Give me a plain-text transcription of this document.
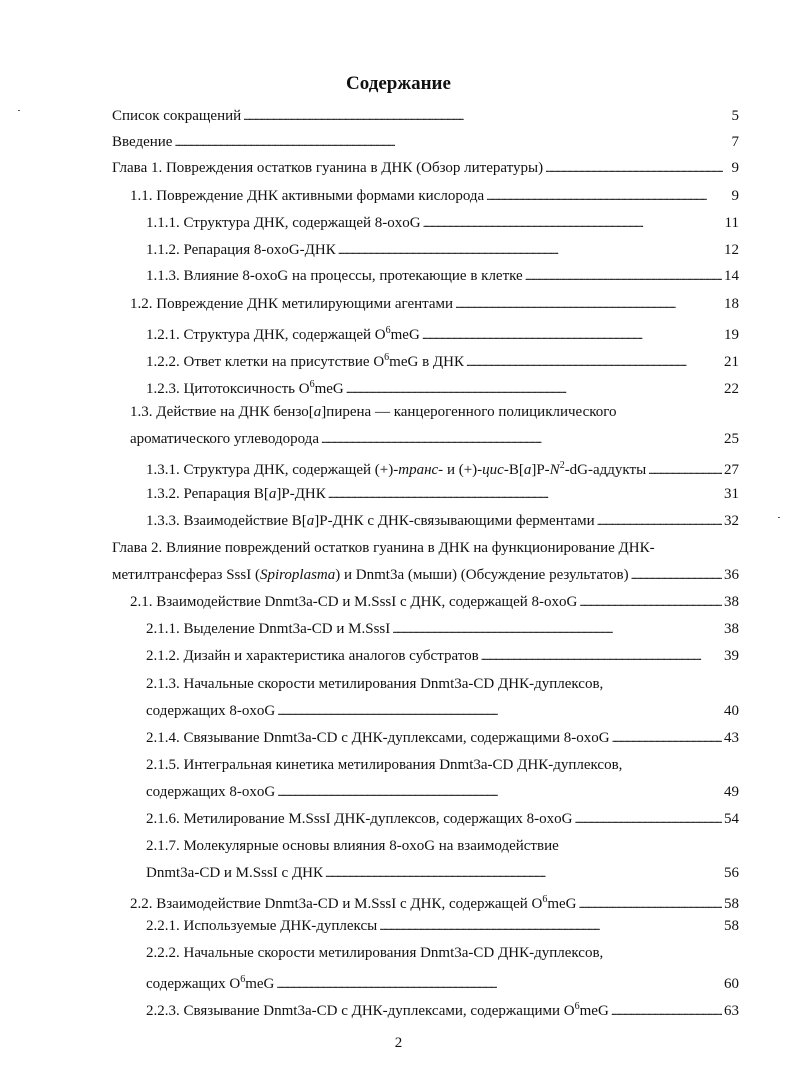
Содержание
Список сокращений . . .	5
Введение . . .	7
Глава 1. Повреждения остатков гуанина в ДНК (Обзор литературы) . . .	9
1.1. Повреждение ДНК активными формами кислорода . . .	9
1.1.1. Структура ДНК, содержащей 8-oxoG . . .	11
1.1.2. Репарация 8-oxoG-ДНК . . .	12
1.1.3. Влияние 8-oxoG на процессы, протекающие в клетке . . .	14
1.2. Повреждение ДНК метилирующими агентами . . .	18
1.2.1. Структура ДНК, содержащей $O^6meG$ . . .	19
1.2.2. Ответ клетки на присутствие $O^6meG$ в ДНК . . .	21
1.2.3. Цитотоксичность $O^6meG$ . . .	22
1.3. Действие на ДНК бензо[a]пирена — канцерогенного полициклического
ароматического углеводорода . . .	25
1.3.1. Структура ДНК, содержащей (+)-транс- и $(+)-цис-B[a]P-N^2-dG$-аддукты . . .	27
1.3.2. Репарация B[a]P-ДНК . . .	31
1.3.3. Взаимодействие B[a]P-ДНК с ДНК-связывающими ферментами . . .	32
Глава 2. Влияние повреждений остатков гуанина в ДНК на функционирование ДНК-
метилтрансфераз SssI (Spiroplasma) и Dnmt3a (мыши) (Обсуждение результатов) . . .	36
2.1. Взаимодействие Dnmt3a-CD и M.SssI с ДНК, содержащей 8-oxoG . . .	38
2.1.1. Выделение Dnmt3a-CD и M.SssI . . .	38
2.1.2. Дизайн и характеристика аналогов субстратов . . .	39
2.1.3. Начальные скорости метилирования Dnmt3a-CD ДНК-дуплексов,
содержащих 8-oxoG . . .	40
2.1.4. Связывание Dnmt3a-CD с ДНК-дуплексами, содержащими 8-oxoG . . .	43
2.1.5. Интегральная кинетика метилирования Dnmt3a-CD ДНК-дуплексов,
содержащих 8-oxoG . . .	49
2.1.6. Метилирование M.SssI ДНК-дуплексов, содержащих 8-oxoG . . .	54
2.1.7. Молекулярные основы влияния 8-oxoG на взаимодействие
Dnmt3a-CD и M.SssI с ДНК . . .	56
2.2. Взаимодействие Dnmt3a-CD и M.SssI с ДНК, содержащей $O^6meG$ . . .	58
2.2.1. Используемые ДНК-дуплексы . . .	58
2.2.2. Начальные скорости метилирования Dnmt3a-CD ДНК-дуплексов,
содержащих $O^6meG$ . . .	60
2.2.3. Связывание Dnmt3a-CD с ДНК-дуплексами, содержащими $O^6meG$ . . .	63
2
